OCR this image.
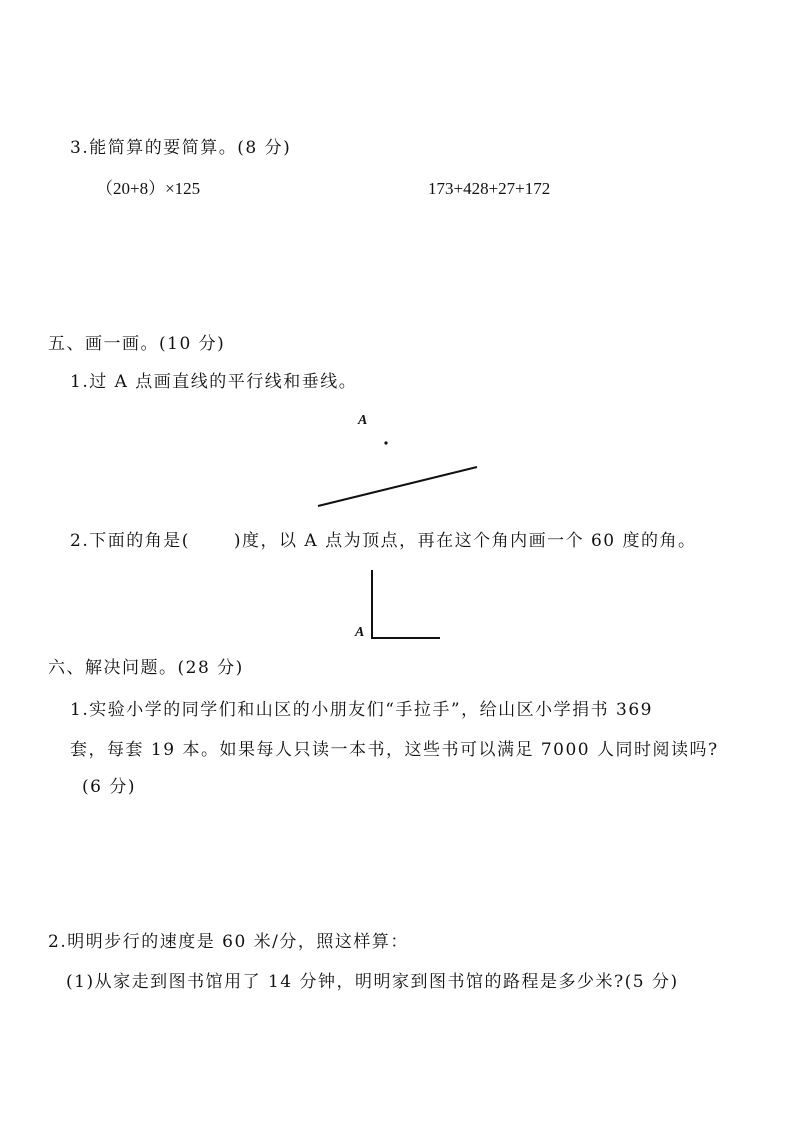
3.能简算的要简算。(8 分)
（20+8）×125	173+428+27+172
五、画一画。(10 分)
1.过 A 点画直线的平行线和垂线。
A
2.下面的角是(	)度，以 A 点为顶点，再在这个角内画一个 60 度的角。
A
六、解决问题。(28 分)
1.实验小学的同学们和山区的小朋友们“手拉手”，给山区小学捐书 369
套，每套 19 本。如果每人只读一本书，这些书可以满足 7000 人同时阅读吗?
(6 分)
2.明明步行的速度是 60 米/分，照这样算：
(1)从家走到图书馆用了 14 分钟，明明家到图书馆的路程是多少米?(5 分)
